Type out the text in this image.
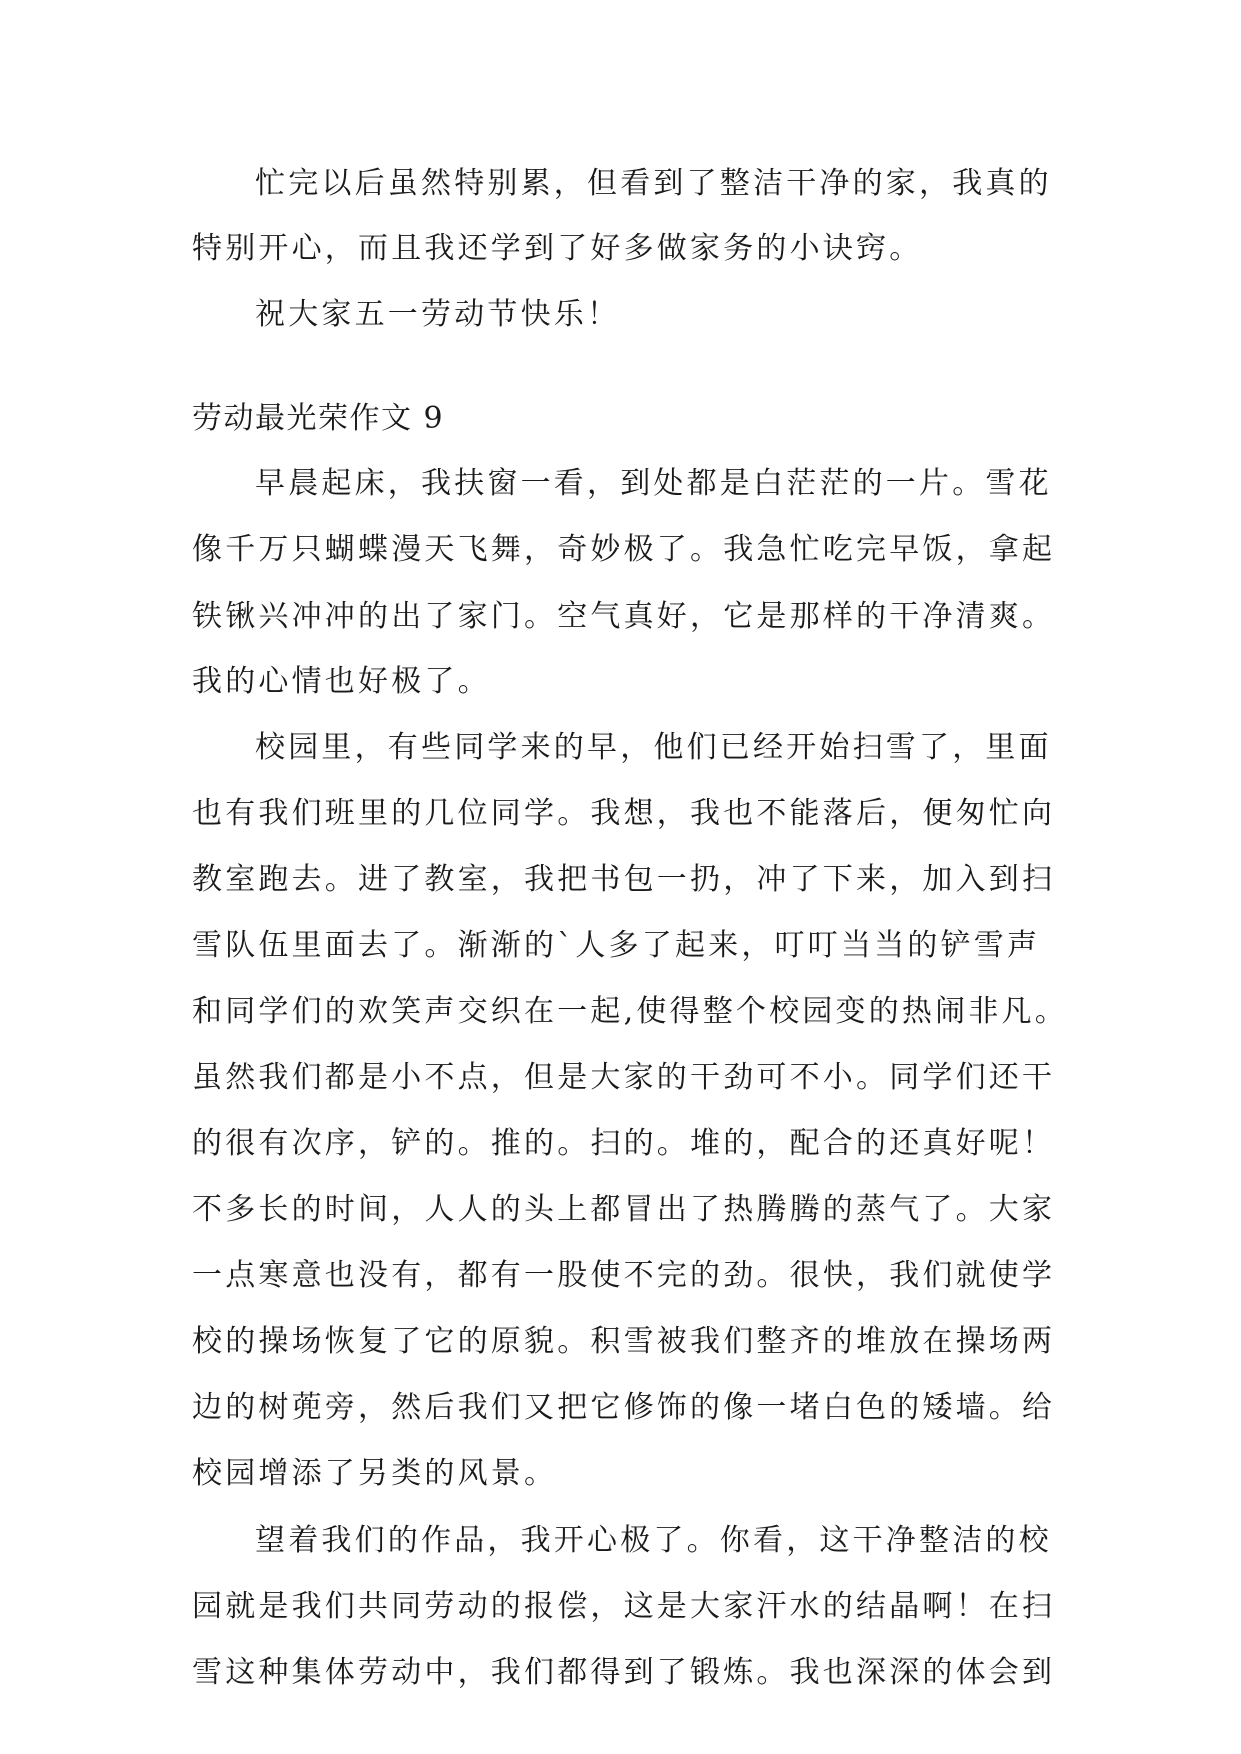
忙完以后虽然特别累，但看到了整洁干净的家，我真的
特别开心，而且我还学到了好多做家务的小诀窍。
祝大家五一劳动节快乐！
劳动最光荣作文 9
早晨起床，我扶窗一看，到处都是白茫茫的一片。雪花
像千万只蝴蝶漫天飞舞，奇妙极了。我急忙吃完早饭，拿起
铁锹兴冲冲的出了家门。空气真好，它是那样的干净清爽。
我的心情也好极了。
校园里，有些同学来的早，他们已经开始扫雪了，里面
也有我们班里的几位同学。我想，我也不能落后，便匆忙向
教室跑去。进了教室，我把书包一扔，冲了下来，加入到扫
雪队伍里面去了。渐渐的`人多了起来，叮叮当当的铲雪声
和同学们的欢笑声交织在一起,使得整个校园变的热闹非凡。
虽然我们都是小不点，但是大家的干劲可不小。同学们还干
的很有次序，铲的。推的。扫的。堆的，配合的还真好呢！
不多长的时间，人人的头上都冒出了热腾腾的蒸气了。大家
一点寒意也没有，都有一股使不完的劲。很快，我们就使学
校的操场恢复了它的原貌。积雪被我们整齐的堆放在操场两
边的树蔸旁，然后我们又把它修饰的像一堵白色的矮墙。给
校园增添了另类的风景。
望着我们的作品，我开心极了。你看，这干净整洁的校
园就是我们共同劳动的报偿，这是大家汗水的结晶啊！在扫
雪这种集体劳动中，我们都得到了锻炼。我也深深的体会到
